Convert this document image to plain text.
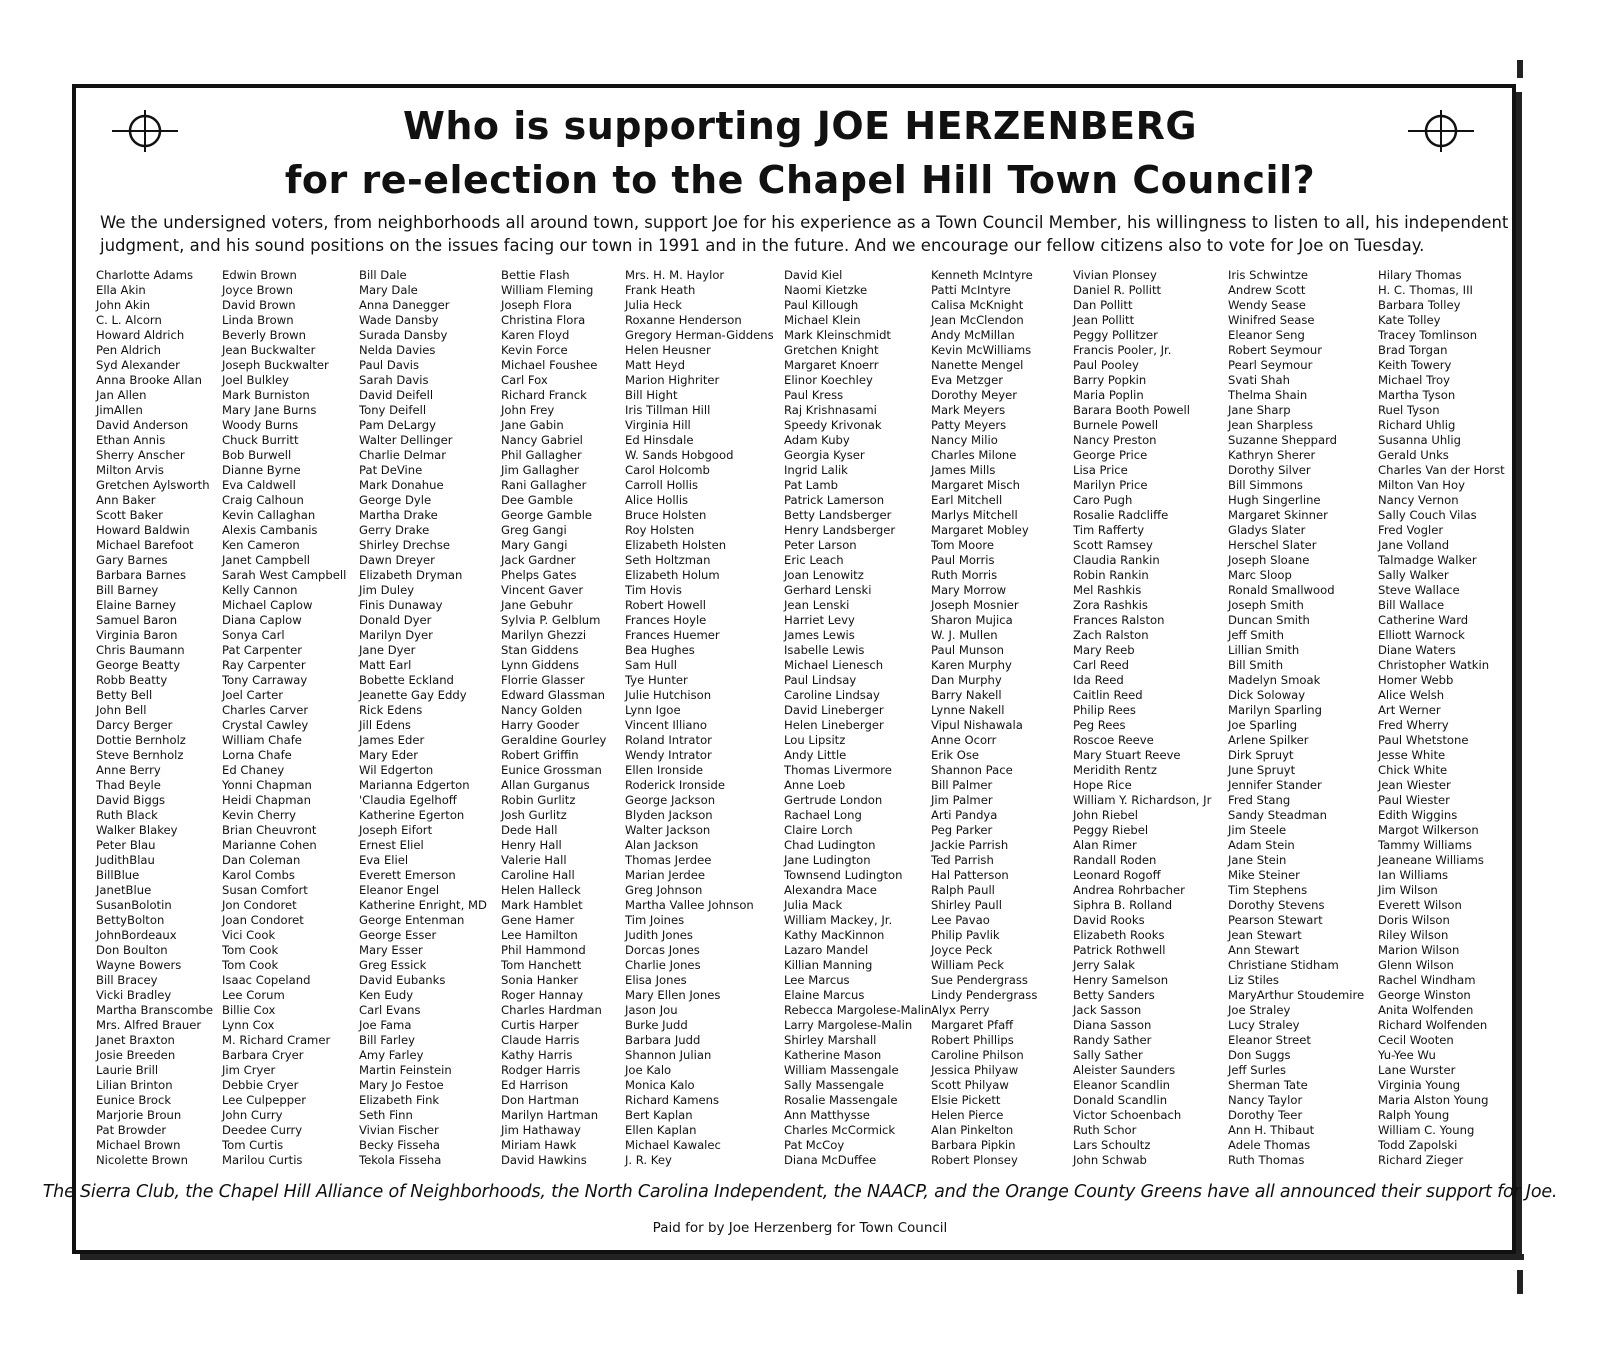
Who is supporting JOE HERZENBERG
for re-election to the Chapel Hill Town Council?
We the undersigned voters, from neighborhoods all around town, support Joe for his experience as a Town Council Member, his willingness to listen to all, his independent judgment, and his sound positions on the issues facing our town in 1991 and in the future. And we encourage our fellow citizens also to vote for Joe on Tuesday.
Charlotte Adams
Ella Akin
John Akin
C. L. Alcorn
Howard Aldrich
Pen Aldrich
Syd Alexander
Anna Brooke Allan
Jan Allen
JimAllen
David Anderson
Ethan Annis
Sherry Anscher
Milton Arvis
Gretchen Aylsworth
Ann Baker
Scott Baker
Howard Baldwin
Michael Barefoot
Gary Barnes
Barbara Barnes
Bill Barney
Elaine Barney
Samuel Baron
Virginia Baron
Chris Baumann
George Beatty
Robb Beatty
Betty Bell
John Bell
Darcy Berger
Dottie Bernholz
Steve Bernholz
Anne Berry
Thad Beyle
David Biggs
Ruth Black
Walker Blakey
Peter Blau
JudithBlau
BillBlue
JanetBlue
SusanBolotin
BettyBolton
JohnBordeaux
Don Boulton
Wayne Bowers
Bill Bracey
Vicki Bradley
Martha Branscombe
Mrs. Alfred Brauer
Janet Braxton
Josie Breeden
Laurie Brill
Lilian Brinton
Eunice Brock
Marjorie Broun
Pat Browder
Michael Brown
Nicolette Brown
Edwin Brown
Joyce Brown
David Brown
Linda Brown
Beverly Brown
Jean Buckwalter
Joseph Buckwalter
Joel Bulkley
Mark Burniston
Mary Jane Burns
Woody Burns
Chuck Burritt
Bob Burwell
Dianne Byrne
Eva Caldwell
Craig Calhoun
Kevin Callaghan
Alexis Cambanis
Ken Cameron
Janet Campbell
Sarah West Campbell
Kelly Cannon
Michael Caplow
Diana Caplow
Sonya Carl
Pat Carpenter
Ray Carpenter
Tony Carraway
Joel Carter
Charles Carver
Crystal Cawley
William Chafe
Lorna Chafe
Ed Chaney
Yonni Chapman
Heidi Chapman
Kevin Cherry
Brian Cheuvront
Marianne Cohen
Dan Coleman
Karol Combs
Susan Comfort
Jon Condoret
Joan Condoret
Vici Cook
Tom Cook
Tom Cook
Isaac Copeland
Lee Corum
Billie Cox
Lynn Cox
M. Richard Cramer
Barbara Cryer
Jim Cryer
Debbie Cryer
Lee Culpepper
John Curry
Deedee Curry
Tom Curtis
Marilou Curtis
Bill Dale
Mary Dale
Anna Danegger
Wade Dansby
Surada Dansby
Nelda Davies
Paul Davis
Sarah Davis
David Deifell
Tony Deifell
Pam DeLargy
Walter Dellinger
Charlie Delmar
Pat DeVine
Mark Donahue
George Dyle
Martha Drake
Gerry Drake
Shirley Drechse
Dawn Dreyer
Elizabeth Dryman
Jim Duley
Finis Dunaway
Donald Dyer
Marilyn Dyer
Jane Dyer
Matt Earl
Bobette Eckland
Jeanette Gay Eddy
Rick Edens
Jill Edens
James Eder
Mary Eder
Wil Edgerton
Marianna Edgerton
'Claudia Egelhoff
Katherine Egerton
Joseph Eifort
Ernest Eliel
Eva Eliel
Everett Emerson
Eleanor Engel
Katherine Enright, MD
George Entenman
George Esser
Mary Esser
Greg Essick
David Eubanks
Ken Eudy
Carl Evans
Joe Fama
Bill Farley
Amy Farley
Martin Feinstein
Mary Jo Festoe
Elizabeth Fink
Seth Finn
Vivian Fischer
Becky Fisseha
Tekola Fisseha
Bettie Flash
William Fleming
Joseph Flora
Christina Flora
Karen Floyd
Kevin Force
Michael Foushee
Carl Fox
Richard Franck
John Frey
Jane Gabin
Nancy Gabriel
Phil Gallagher
Jim Gallagher
Rani Gallagher
Dee Gamble
George Gamble
Greg Gangi
Mary Gangi
Jack Gardner
Phelps Gates
Vincent Gaver
Jane Gebuhr
Sylvia P. Gelblum
Marilyn Ghezzi
Stan Giddens
Lynn Giddens
Florrie Glasser
Edward Glassman
Nancy Golden
Harry Gooder
Geraldine Gourley
Robert Griffin
Eunice Grossman
Allan Gurganus
Robin Gurlitz
Josh Gurlitz
Dede Hall
Henry Hall
Valerie Hall
Caroline Hall
Helen Halleck
Mark Hamblet
Gene Hamer
Lee Hamilton
Phil Hammond
Tom Hanchett
Sonia Hanker
Roger Hannay
Charles Hardman
Curtis Harper
Claude Harris
Kathy Harris
Rodger Harris
Ed Harrison
Don Hartman
Marilyn Hartman
Jim Hathaway
Miriam Hawk
David Hawkins
Mrs. H. M. Haylor
Frank Heath
Julia Heck
Roxanne Henderson
Gregory Herman-Giddens
Helen Heusner
Matt Heyd
Marion Highriter
Bill Hight
Iris Tillman Hill
Virginia Hill
Ed Hinsdale
W. Sands Hobgood
Carol Holcomb
Carroll Hollis
Alice Hollis
Bruce Holsten
Roy Holsten
Elizabeth Holsten
Seth Holtzman
Elizabeth Holum
Tim Hovis
Robert Howell
Frances Hoyle
Frances Huemer
Bea Hughes
Sam Hull
Tye Hunter
Julie Hutchison
Lynn Igoe
Vincent Illiano
Roland Intrator
Wendy Intrator
Ellen Ironside
Roderick Ironside
George Jackson
Blyden Jackson
Walter Jackson
Alan Jackson
Thomas Jerdee
Marian Jerdee
Greg Johnson
Martha Vallee Johnson
Tim Joines
Judith Jones
Dorcas Jones
Charlie Jones
Elisa Jones
Mary Ellen Jones
Jason Jou
Burke Judd
Barbara Judd
Shannon Julian
Joe Kalo
Monica Kalo
Richard Kamens
Bert Kaplan
Ellen Kaplan
Michael Kawalec
J. R. Key
David Kiel
Naomi Kietzke
Paul Killough
Michael Klein
Mark Kleinschmidt
Gretchen Knight
Margaret Knoerr
Elinor Koechley
Paul Kress
Raj Krishnasami
Speedy Krivonak
Adam Kuby
Georgia Kyser
Ingrid Lalik
Pat Lamb
Patrick Lamerson
Betty Landsberger
Henry Landsberger
Peter Larson
Eric Leach
Joan Lenowitz
Gerhard Lenski
Jean Lenski
Harriet Levy
James Lewis
Isabelle Lewis
Michael Lienesch
Paul Lindsay
Caroline Lindsay
David Lineberger
Helen Lineberger
Lou Lipsitz
Andy Little
Thomas Livermore
Anne Loeb
Gertrude London
Rachael Long
Claire Lorch
Chad Ludington
Jane Ludington
Townsend Ludington
Alexandra Mace
Julia Mack
William Mackey, Jr.
Kathy MacKinnon
Lazaro Mandel
Killian Manning
Lee Marcus
Elaine Marcus
Rebecca Margolese-Malin
Larry Margolese-Malin
Shirley Marshall
Katherine Mason
William Massengale
Sally Massengale
Rosalie Massengale
Ann Matthysse
Charles McCormick
Pat McCoy
Diana McDuffee
Kenneth McIntyre
Patti McIntyre
Calisa McKnight
Jean McClendon
Andy McMillan
Kevin McWilliams
Nanette Mengel
Eva Metzger
Dorothy Meyer
Mark Meyers
Patty Meyers
Nancy Milio
Charles Milone
James Mills
Margaret Misch
Earl Mitchell
Marlys Mitchell
Margaret Mobley
Tom Moore
Paul Morris
Ruth Morris
Mary Morrow
Joseph Mosnier
Sharon Mujica
W. J. Mullen
Paul Munson
Karen Murphy
Dan Murphy
Barry Nakell
Lynne Nakell
Vipul Nishawala
Anne Ocorr
Erik Ose
Shannon Pace
Bill Palmer
Jim Palmer
Arti Pandya
Peg Parker
Jackie Parrish
Ted Parrish
Hal Patterson
Ralph Paull
Shirley Paull
Lee Pavao
Philip Pavlik
Joyce Peck
William Peck
Sue Pendergrass
Lindy Pendergrass
Alyx Perry
Margaret Pfaff
Robert Phillips
Caroline Philson
Jessica Philyaw
Scott Philyaw
Elsie Pickett
Helen Pierce
Alan Pinkelton
Barbara Pipkin
Robert Plonsey
Vivian Plonsey
Daniel R. Pollitt
Dan Pollitt
Jean Pollitt
Peggy Pollitzer
Francis Pooler, Jr.
Paul Pooley
Barry Popkin
Maria Poplin
Barara Booth Powell
Burnele Powell
Nancy Preston
George Price
Lisa Price
Marilyn Price
Caro Pugh
Rosalie Radcliffe
Tim Rafferty
Scott Ramsey
Claudia Rankin
Robin Rankin
Mel Rashkis
Zora Rashkis
Frances Ralston
Zach Ralston
Mary Reeb
Carl Reed
Ida Reed
Caitlin Reed
Philip Rees
Peg Rees
Roscoe Reeve
Mary Stuart Reeve
Meridith Rentz
Hope Rice
William Y. Richardson, Jr
John Riebel
Peggy Riebel
Alan Rimer
Randall Roden
Leonard Rogoff
Andrea Rohrbacher
Siphra B. Rolland
David Rooks
Elizabeth Rooks
Patrick Rothwell
Jerry Salak
Henry Samelson
Betty Sanders
Jack Sasson
Diana Sasson
Randy Sather
Sally Sather
Aleister Saunders
Eleanor Scandlin
Donald Scandlin
Victor Schoenbach
Ruth Schor
Lars Schoultz
John Schwab
Iris Schwintze
Andrew Scott
Wendy Sease
Winifred Sease
Eleanor Seng
Robert Seymour
Pearl Seymour
Svati Shah
Thelma Shain
Jane Sharp
Jean Sharpless
Suzanne Sheppard
Kathryn Sherer
Dorothy Silver
Bill Simmons
Hugh Singerline
Margaret Skinner
Gladys Slater
Herschel Slater
Joseph Sloane
Marc Sloop
Ronald Smallwood
Joseph Smith
Duncan Smith
Jeff Smith
Lillian Smith
Bill Smith
Madelyn Smoak
Dick Soloway
Marilyn Sparling
Joe Sparling
Arlene Spilker
Dirk Spruyt
June Spruyt
Jennifer Stander
Fred Stang
Sandy Steadman
Jim Steele
Adam Stein
Jane Stein
Mike Steiner
Tim Stephens
Dorothy Stevens
Pearson Stewart
Jean Stewart
Ann Stewart
Christiane Stidham
Liz Stiles
MaryArthur Stoudemire
Joe Straley
Lucy Straley
Eleanor Street
Don Suggs
Jeff Surles
Sherman Tate
Nancy Taylor
Dorothy Teer
Ann H. Thibaut
Adele Thomas
Ruth Thomas
Hilary Thomas
H. C. Thomas, III
Barbara Tolley
Kate Tolley
Tracey Tomlinson
Brad Torgan
Keith Towery
Michael Troy
Martha Tyson
Ruel Tyson
Richard Uhlig
Susanna Uhlig
Gerald Unks
Charles Van der Horst
Milton Van Hoy
Nancy Vernon
Sally Couch Vilas
Fred Vogler
Jane Volland
Talmadge Walker
Sally Walker
Steve Wallace
Bill Wallace
Catherine Ward
Elliott Warnock
Diane Waters
Christopher Watkin
Homer Webb
Alice Welsh
Art Werner
Fred Wherry
Paul Whetstone
Jesse White
Chick White
Jean Wiester
Paul Wiester
Edith Wiggins
Margot Wilkerson
Tammy Williams
Jeaneane Williams
Ian Williams
Jim Wilson
Everett Wilson
Doris Wilson
Riley Wilson
Marion Wilson
Glenn Wilson
Rachel Windham
George Winston
Anita Wolfenden
Richard Wolfenden
Cecil Wooten
Yu-Yee Wu
Lane Wurster
Virginia Young
Maria Alston Young
Ralph Young
William C. Young
Todd Zapolski
Richard Zieger
The Sierra Club, the Chapel Hill Alliance of Neighborhoods, the North Carolina Independent, the NAACP, and the Orange County Greens have all announced their support for Joe.
Paid for by Joe Herzenberg for Town Council
